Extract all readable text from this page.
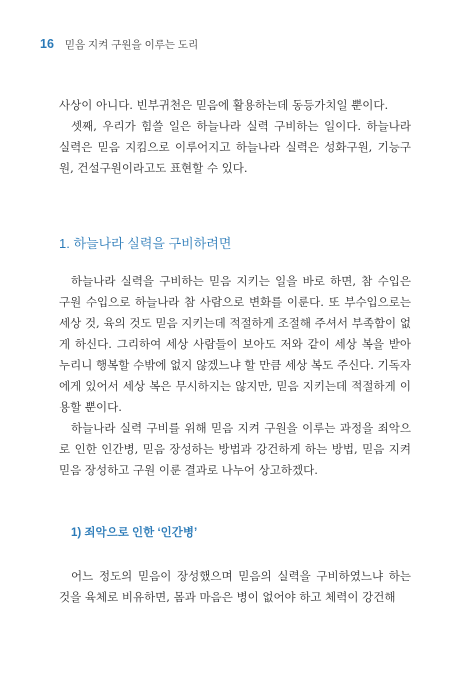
16 믿음 지켜 구원을 이루는 도리

사상이 아니다. 빈부귀천은 믿음에 활용하는데 동등가치일 뿐이다.

셋째, 우리가 힘쓸 일은 하늘나라 실력 구비하는 일이다. 하늘나라 실력은 믿음 지킴으로 이루어지고 하늘나라 실력은 성화구원, 기능구원, 건설구원이라고도 표현할 수 있다.

1. 하늘나라 실력을 구비하려면

하늘나라 실력을 구비하는 믿음 지키는 일을 바로 하면, 참 수입은 구원 수입으로 하늘나라 참 사람으로 변화를 이룬다. 또 부수입으로는 세상 것, 육의 것도 믿음 지키는데 적절하게 조절해 주셔서 부족함이 없게 하신다. 그리하여 세상 사람들이 보아도 저와 같이 세상 복을 받아 누리니 행복할 수밖에 없지 않겠느냐 할 만큼 세상 복도 주신다. 기독자에게 있어서 세상 복은 무시하지는 않지만, 믿음 지키는데 적절하게 이용할 뿐이다.

하늘나라 실력 구비를 위해 믿음 지켜 구원을 이루는 과정을 죄악으로 인한 인간병, 믿음 장성하는 방법과 강건하게 하는 방법, 믿음 지켜 믿음 장성하고 구원 이룬 결과로 나누어 상고하겠다.

1) 죄악으로 인한 ‘인간병’

어느 정도의 믿음이 장성했으며 믿음의 실력을 구비하였느냐 하는 것을 육체로 비유하면, 몸과 마음은 병이 없어야 하고 체력이 강건해
